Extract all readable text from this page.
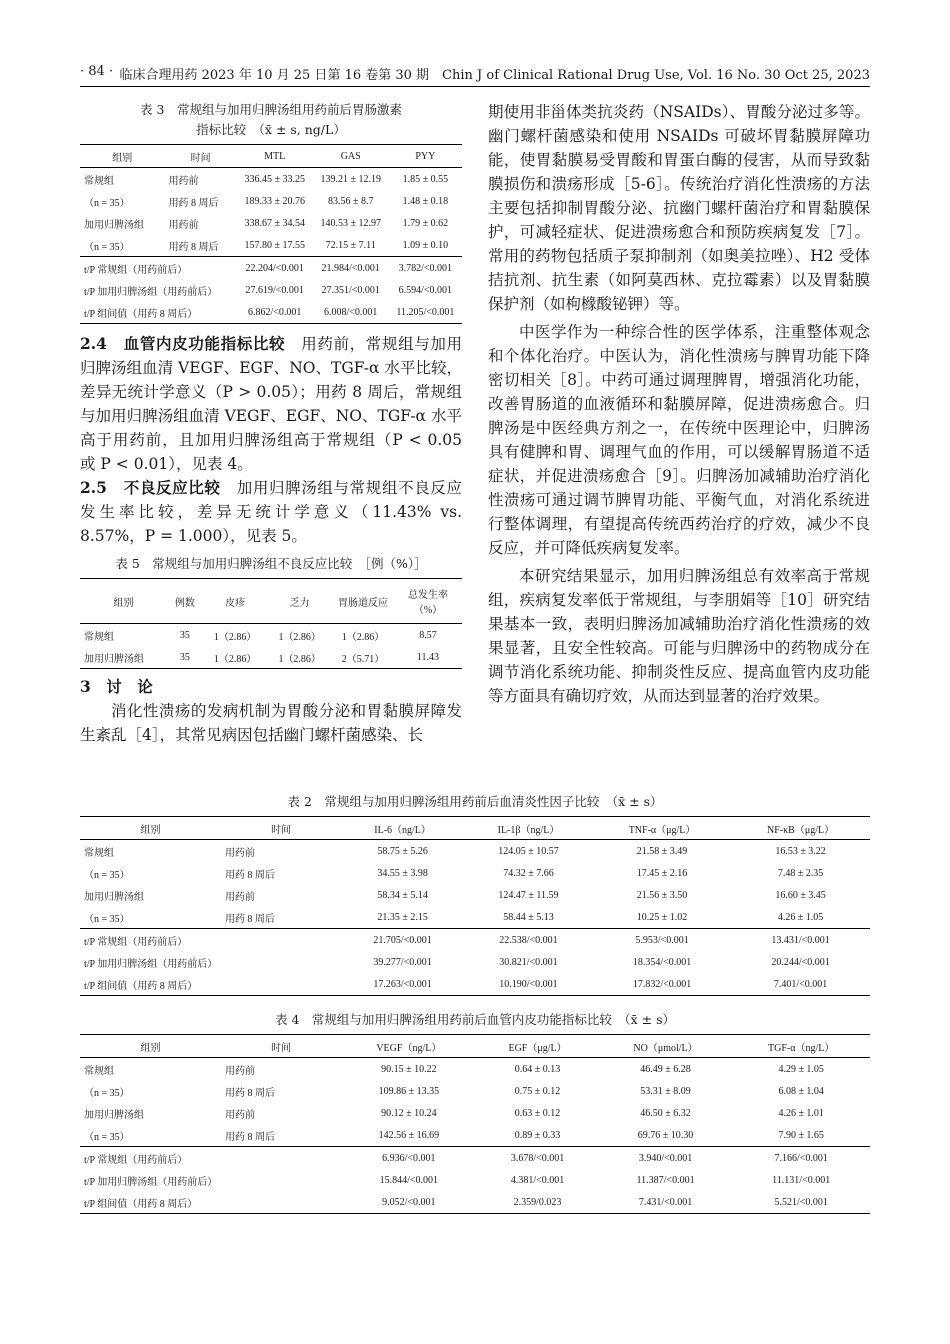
· 84 · 临床合理用药 2023 年 10 月 25 日第 16 卷第 30 期　Chin J of Clinical Rational Drug Use, Vol. 16 No. 30 Oct 25, 2023

表 3　常规组与加用归脾汤组用药前后胃肠激素

指标比较　（x̄ ± s, ng/L）

组别	时间	MTL	GAS	PYY
常规组	用药前	336.45 ± 33.25	139.21 ± 12.19	1.85 ± 0.55
（n = 35）	用药 8 周后	189.33 ± 20.76	83.56 ± 8.7	1.48 ± 0.18
加用归脾汤组	用药前	338.67 ± 34.54	140.53 ± 12.97	1.79 ± 0.62
（n = 35）	用药 8 周后	157.80 ± 17.55	72.15 ± 7.11	1.09 ± 0.10
t/P 常规组（用药前后）		22.204/<0.001	21.984/<0.001	3.782/<0.001
t/P 加用归脾汤组（用药前后）		27.619/<0.001	27.351/<0.001	6.594/<0.001
t/P 组间值（用药 8 周后）		6.862/<0.001	6.008/<0.001	11.205/<0.001

2.4　血管内皮功能指标比较　用药前，常规组与加用归脾汤组血清 VEGF、EGF、NO、TGF-α 水平比较，差异无统计学意义（P > 0.05）；用药 8 周后，常规组与加用归脾汤组血清 VEGF、EGF、NO、TGF-α 水平高于用药前，且加用归脾汤组高于常规组（P < 0.05 或 P < 0.01），见表 4。

2.5　不良反应比较　加用归脾汤组与常规组不良反应发生率比较，差异无统计学意义（11.43% vs. 8.57%，P = 1.000），见表 5。

表 5　常规组与加用归脾汤组不良反应比较　［例（%）］

组别	例数	皮疹	乏力	胃肠道反应	总发生率（%）
常规组	35	1（2.86）	1（2.86）	1（2.86）	8.57
加用归脾汤组	35	1（2.86）	1（2.86）	2（5.71）	11.43

3　讨　论

消化性溃疡的发病机制为胃酸分泌和胃黏膜屏障发生紊乱［4］，其常见病因包括幽门螺杆菌感染、长

期使用非甾体类抗炎药（NSAIDs）、胃酸分泌过多等。幽门螺杆菌感染和使用 NSAIDs 可破坏胃黏膜屏障功能，使胃黏膜易受胃酸和胃蛋白酶的侵害，从而导致黏膜损伤和溃疡形成［5-6］。传统治疗消化性溃疡的方法主要包括抑制胃酸分泌、抗幽门螺杆菌治疗和胃黏膜保护，可减轻症状、促进溃疡愈合和预防疾病复发［7］。常用的药物包括质子泵抑制剂（如奥美拉唑）、H2 受体拮抗剂、抗生素（如阿莫西林、克拉霉素）以及胃黏膜保护剂（如枸橼酸铋钾）等。

中医学作为一种综合性的医学体系，注重整体观念和个体化治疗。中医认为，消化性溃疡与脾胃功能下降密切相关［8］。中药可通过调理脾胃，增强消化功能，改善胃肠道的血液循环和黏膜屏障，促进溃疡愈合。归脾汤是中医经典方剂之一，在传统中医理论中，归脾汤具有健脾和胃、调理气血的作用，可以缓解胃肠道不适症状，并促进溃疡愈合［9］。归脾汤加减辅助治疗消化性溃疡可通过调节脾胃功能、平衡气血，对消化系统进行整体调理，有望提高传统西药治疗的疗效，减少不良反应，并可降低疾病复发率。

本研究结果显示，加用归脾汤组总有效率高于常规组，疾病复发率低于常规组，与李朋娟等［10］研究结果基本一致，表明归脾汤加减辅助治疗消化性溃疡的效果显著，且安全性较高。可能与归脾汤中的药物成分在调节消化系统功能、抑制炎性反应、提高血管内皮功能等方面具有确切疗效，从而达到显著的治疗效果。

表 2　常规组与加用归脾汤组用药前后血清炎性因子比较　（x̄ ± s）

组别	时间	IL-6（ng/L）	IL-1β（ng/L）	TNF-α（μg/L）	NF-κB（μg/L）
常规组	用药前	58.75 ± 5.26	124.05 ± 10.57	21.58 ± 3.49	16.53 ± 3.22
（n = 35）	用药 8 周后	34.55 ± 3.98	74.32 ± 7.66	17.45 ± 2.16	7.48 ± 2.35
加用归脾汤组	用药前	58.34 ± 5.14	124.47 ± 11.59	21.56 ± 3.50	16.60 ± 3.45
（n = 35）	用药 8 周后	21.35 ± 2.15	58.44 ± 5.13	10.25 ± 1.02	4.26 ± 1.05
t/P 常规组（用药前后）		21.705/<0.001	22.538/<0.001	5.953/<0.001	13.431/<0.001
t/P 加用归脾汤组（用药前后）		39.277/<0.001	30.821/<0.001	18.354/<0.001	20.244/<0.001
t/P 组间值（用药 8 周后）		17.263/<0.001	10.190/<0.001	17.832/<0.001	7.401/<0.001

表 4　常规组与加用归脾汤组用药前后血管内皮功能指标比较　（x̄ ± s）

组别	时间	VEGF（ng/L）	EGF（μg/L）	NO（μmol/L）	TGF-α（ng/L）
常规组	用药前	90.15 ± 10.22	0.64 ± 0.13	46.49 ± 6.28	4.29 ± 1.05
（n = 35）	用药 8 周后	109.86 ± 13.35	0.75 ± 0.12	53.31 ± 8.09	6.08 ± 1.04
加用归脾汤组	用药前	90.12 ± 10.24	0.63 ± 0.12	46.50 ± 6.32	4.26 ± 1.01
（n = 35）	用药 8 周后	142.56 ± 16.69	0.89 ± 0.33	69.76 ± 10.30	7.90 ± 1.65
t/P 常规组（用药前后）		6.936/<0.001	3.678/<0.001	3.940/<0.001	7.166/<0.001
t/P 加用归脾汤组（用药前后）		15.844/<0.001	4.381/<0.001	11.387/<0.001	11.131/<0.001
t/P 组间值（用药 8 周后）		9.052/<0.001	2.359/0.023	7.431/<0.001	5.521/<0.001
